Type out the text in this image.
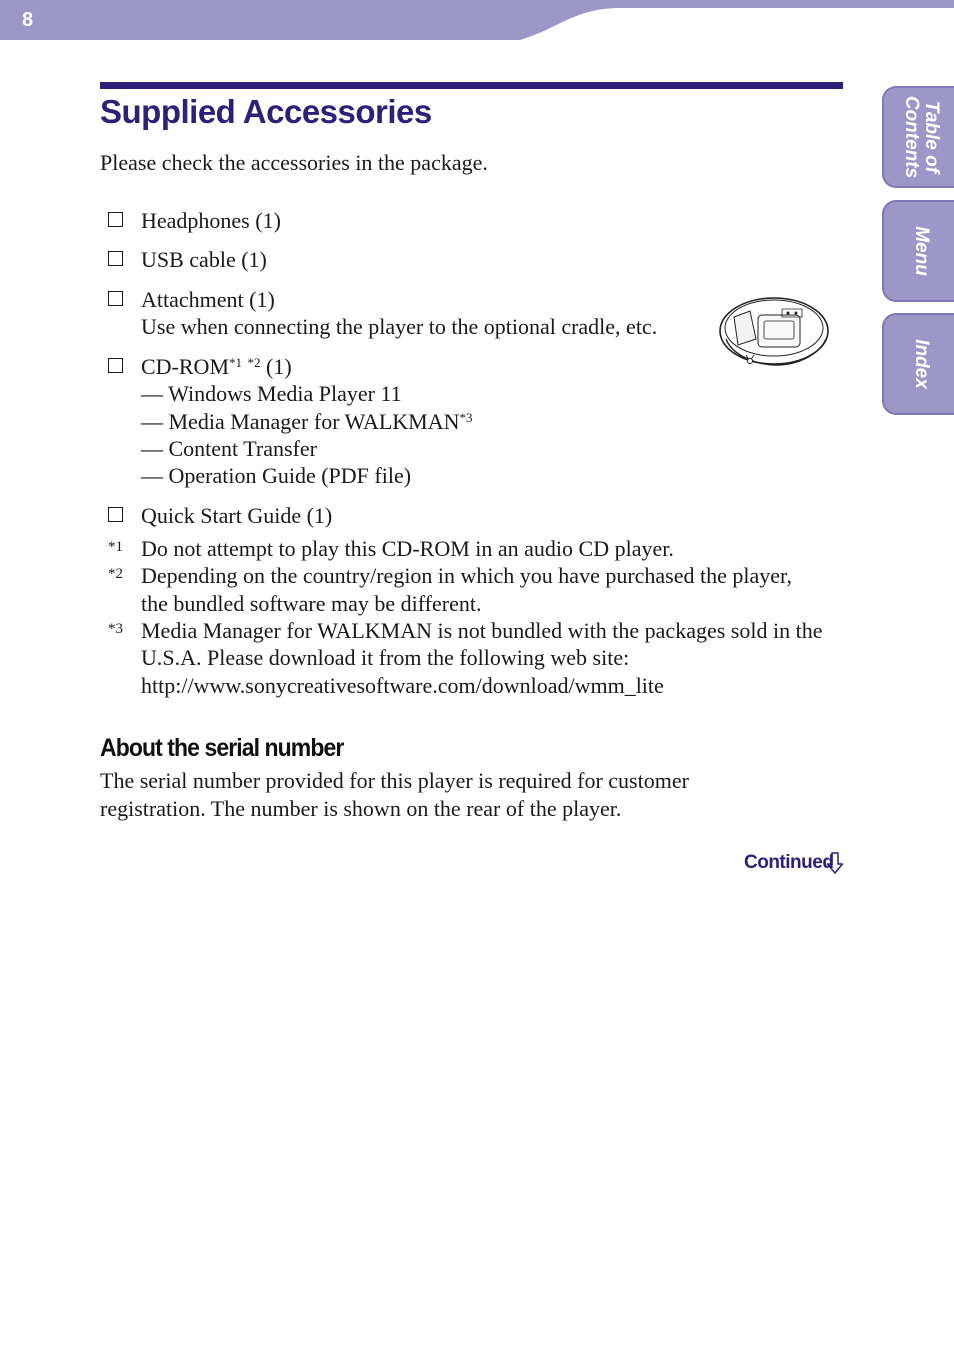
8
Table of
Contents
Menu
Index
Supplied Accessories
Please check the accessories in the package.
Headphones (1)
USB cable (1)
Attachment (1)
Use when connecting the player to the optional cradle, etc.
CD-ROM$^{*1}$ $^{*2}$ (1)
— Windows Media Player 11
— Media Manager for WALKMAN$^{*3}$
— Content Transfer
— Operation Guide (PDF file)
Quick Start Guide (1)
*1 Do not attempt to play this CD-ROM in an audio CD player.
*2 Depending on the country/region in which you have purchased the player,
the bundled software may be different.
*3 Media Manager for WALKMAN is not bundled with the packages sold in the
U.S.A. Please download it from the following web site:
http://www.sonycreativesoftware.com/download/wmm_lite
About the serial number
The serial number provided for this player is required for customer
registration. The number is shown on the rear of the player.
Continued
